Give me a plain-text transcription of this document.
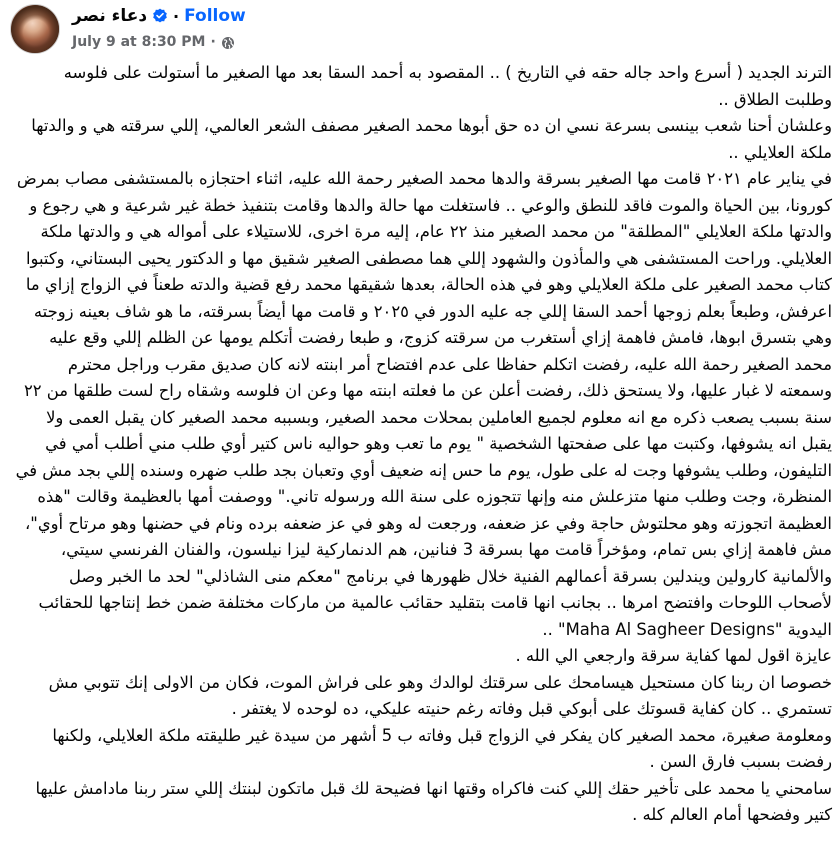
دعاء نصر · Follow
July 9 at 8:30 PM ·

الترند الجديد ( أسرع واحد جاله حقه في التاريخ ) .. المقصود به أحمد السقا بعد مها الصغير ما أستولت على فلوسه وطلبت الطلاق ..

وعلشان أحنا شعب بينسى بسرعة نسي ان ده حق أبوها محمد الصغير مصفف الشعر العالمي، إللي سرقته هي و والدتها ملكة العلايلي ..

في يناير عام ٢٠٢١ قامت مها الصغير بسرقة والدها محمد الصغير رحمة الله عليه، اثناء احتجازه بالمستشفى مصاب بمرض كورونا، بين الحياة والموت فاقد للنطق والوعي .. فاستغلت مها حالة والدها وقامت بتنفيذ خطة غير شرعية و هي رجوع و والدتها ملكة العلايلي "المطلقة" من محمد الصغير منذ ٢٢ عام، إليه مرة اخرى، للاستيلاء على أمواله هي و والدتها ملكة العلايلي. وراحت المستشفى هي والمأذون والشهود إللي هما مصطفى الصغير شقيق مها و الدكتور يحيى البستاني، وكتبوا كتاب محمد الصغير على ملكة العلايلي وهو في هذه الحالة، بعدها شقيقها محمد رفع قضية والدته طعناً في الزواج إزاي ما اعرفش، وطبعاً بعلم زوجها أحمد السقا إللي جه عليه الدور في ٢٠٢٥ و قامت مها أيضاً بسرقته، ما هو شاف بعينه زوجته وهي بتسرق ابوها، فامش فاهمة إزاي أستغرب من سرقته كزوج، و طبعا رفضت أتكلم يومها عن الظلم إللي وقع عليه محمد الصغير رحمة الله عليه، رفضت اتكلم حفاظا على عدم افتضاح أمر ابنته لانه كان صديق مقرب وراجل محترم وسمعته لا غبار عليها، ولا يستحق ذلك، رفضت أعلن عن ما فعلته ابنته مها وعن ان فلوسه وشقاه راح لست طلقها من ٢٢ سنة بسبب يصعب ذكره مع انه معلوم لجميع العاملين بمحلات محمد الصغير، وبسببه محمد الصغير كان يقبل العمى ولا يقبل انه يشوفها، وكتبت مها على صفحتها الشخصية " يوم ما تعب وهو حواليه ناس كتير أوي طلب مني أطلب أمي في التليفون، وطلب يشوفها وجت له على طول، يوم ما حس إنه ضعيف أوي وتعبان بجد طلب ضهره وسنده إللي بجد مش في المنظرة، وجت وطلب منها متزعلش منه وإنها تتجوزه على سنة الله ورسوله تاني." ووصفت أمها بالعظيمة وقالت "هذه العظيمة اتجوزته وهو محلتوش حاجة وفي عز ضعفه، ورجعت له وهو في عز ضعفه برده ونام في حضنها وهو مرتاح أوي"، مش فاهمة إزاي بس تمام، ومؤخراً قامت مها بسرقة 3 فنانين، هم الدنماركية ليزا نيلسون، والفنان الفرنسي سيتي، والألمانية كارولين ويندلين بسرقة أعمالهم الفنية خلال ظهورها في برنامج "معكم منى الشاذلي" لحد ما الخبر وصل لأصحاب اللوحات وافتضح امرها .. بجانب انها قامت بتقليد حقائب عالمية من ماركات مختلفة ضمن خط إنتاجها للحقائب اليدوية "Maha Al Sagheer Designs" ..

عايزة اقول لمها كفاية سرقة وارجعي الي الله .

خصوصا ان ربنا كان مستحيل هيسامحك على سرقتك لوالدك وهو على فراش الموت، فكان من الاولى إنك تتوبي مش تستمري .. كان كفاية قسوتك على أبوكي قبل وفاته رغم حنيته عليكي، ده لوحده لا يغتفر .

ومعلومة صغيرة، محمد الصغير كان يفكر في الزواج قبل وفاته ب 5 أشهر من سيدة غير طليقته ملكة العلايلي، ولكنها رفضت بسبب فارق السن .

سامحني يا محمد على تأخير حقك إللي كنت فاكراه وقتها انها فضيحة لك قبل ماتكون لبنتك إللي ستر ربنا مادامش عليها كتير وفضحها أمام العالم كله .
